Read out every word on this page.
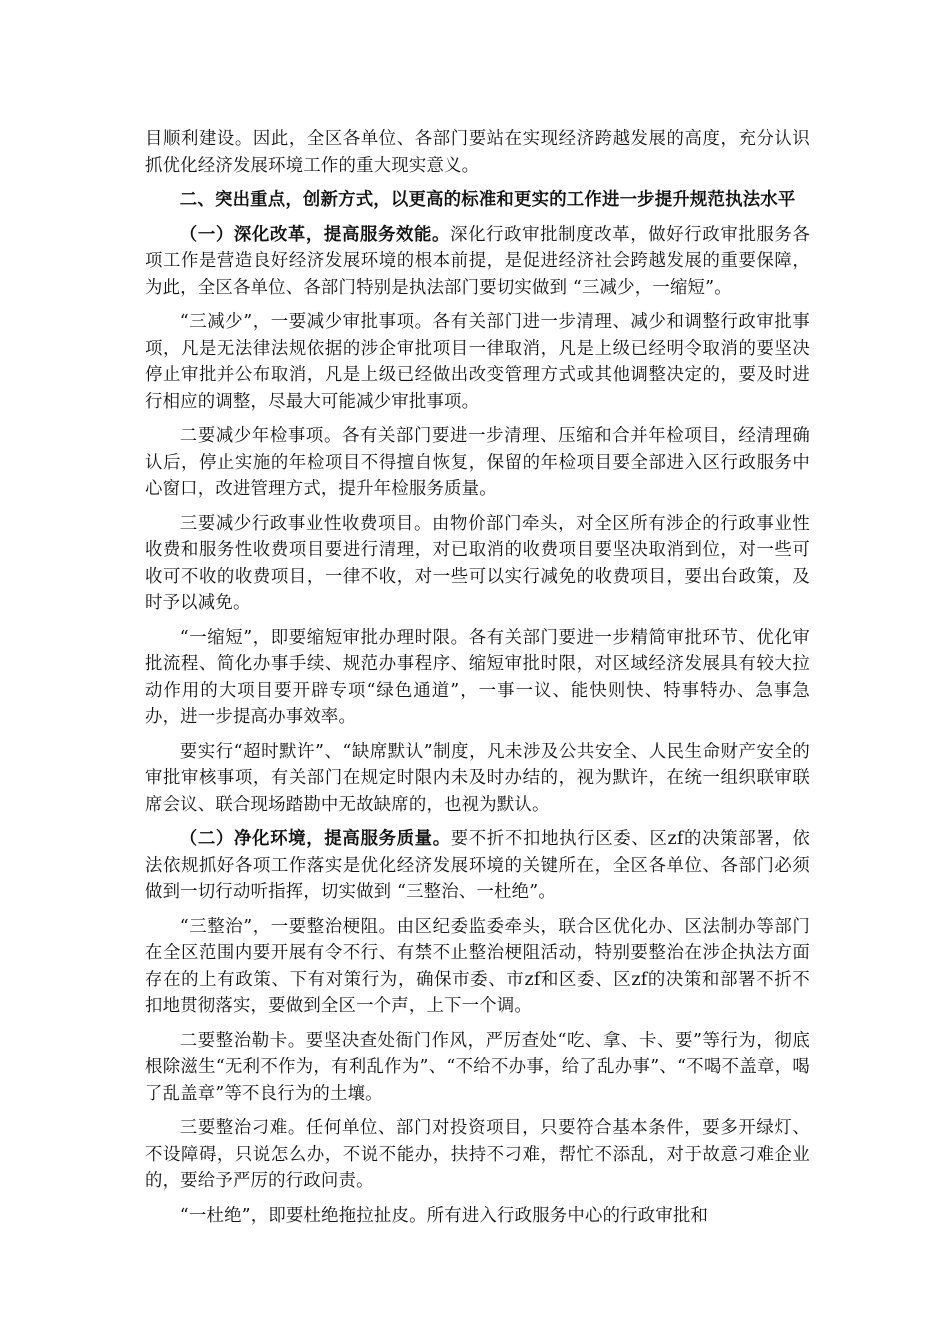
目顺利建设。因此，全区各单位、各部门要站在实现经济跨越发展的高度，充分认识抓优化经济发展环境工作的重大现实意义。

二、突出重点，创新方式，以更高的标准和更实的工作进一步提升规范执法水平

（一）深化改革，提高服务效能。深化行政审批制度改革，做好行政审批服务各项工作是营造良好经济发展环境的根本前提，是促进经济社会跨越发展的重要保障，为此，全区各单位、各部门特别是执法部门要切实做到 “三减少，一缩短”。

“三减少”，一要减少审批事项。各有关部门进一步清理、减少和调整行政审批事项，凡是无法律法规依据的涉企审批项目一律取消，凡是上级已经明令取消的要坚决停止审批并公布取消，凡是上级已经做出改变管理方式或其他调整决定的，要及时进行相应的调整，尽最大可能减少审批事项。

二要减少年检事项。各有关部门要进一步清理、压缩和合并年检项目，经清理确认后，停止实施的年检项目不得擅自恢复，保留的年检项目要全部进入区行政服务中心窗口，改进管理方式，提升年检服务质量。

三要减少行政事业性收费项目。由物价部门牵头，对全区所有涉企的行政事业性收费和服务性收费项目要进行清理，对已取消的收费项目要坚决取消到位，对一些可收可不收的收费项目，一律不收，对一些可以实行减免的收费项目，要出台政策，及时予以减免。

“一缩短”，即要缩短审批办理时限。各有关部门要进一步精简审批环节、优化审批流程、简化办事手续、规范办事程序、缩短审批时限，对区域经济发展具有较大拉动作用的大项目要开辟专项“绿色通道”，一事一议、能快则快、特事特办、急事急办，进一步提高办事效率。

要实行“超时默许”、“缺席默认”制度，凡未涉及公共安全、人民生命财产安全的审批审核事项，有关部门在规定时限内未及时办结的，视为默许，在统一组织联审联席会议、联合现场踏勘中无故缺席的，也视为默认。

（二）净化环境，提高服务质量。要不折不扣地执行区委、区zf的决策部署，依法依规抓好各项工作落实是优化经济发展环境的关键所在，全区各单位、各部门必须做到一切行动听指挥，切实做到 “三整治、一杜绝”。

“三整治”，一要整治梗阻。由区纪委监委牵头，联合区优化办、区法制办等部门在全区范围内要开展有令不行、有禁不止整治梗阻活动，特别要整治在涉企执法方面存在的上有政策、下有对策行为，确保市委、市zf和区委、区zf的决策和部署不折不扣地贯彻落实，要做到全区一个声，上下一个调。

二要整治勒卡。要坚决查处衙门作风，严厉查处“吃、拿、卡、要”等行为，彻底根除滋生“无利不作为，有利乱作为”、“不给不办事，给了乱办事”、“不喝不盖章，喝了乱盖章”等不良行为的土壤。

三要整治刁难。任何单位、部门对投资项目，只要符合基本条件，要多开绿灯、不设障碍，只说怎么办，不说不能办，扶持不刁难，帮忙不添乱，对于故意刁难企业的，要给予严厉的行政问责。

“一杜绝”，即要杜绝拖拉扯皮。所有进入行政服务中心的行政审批和
